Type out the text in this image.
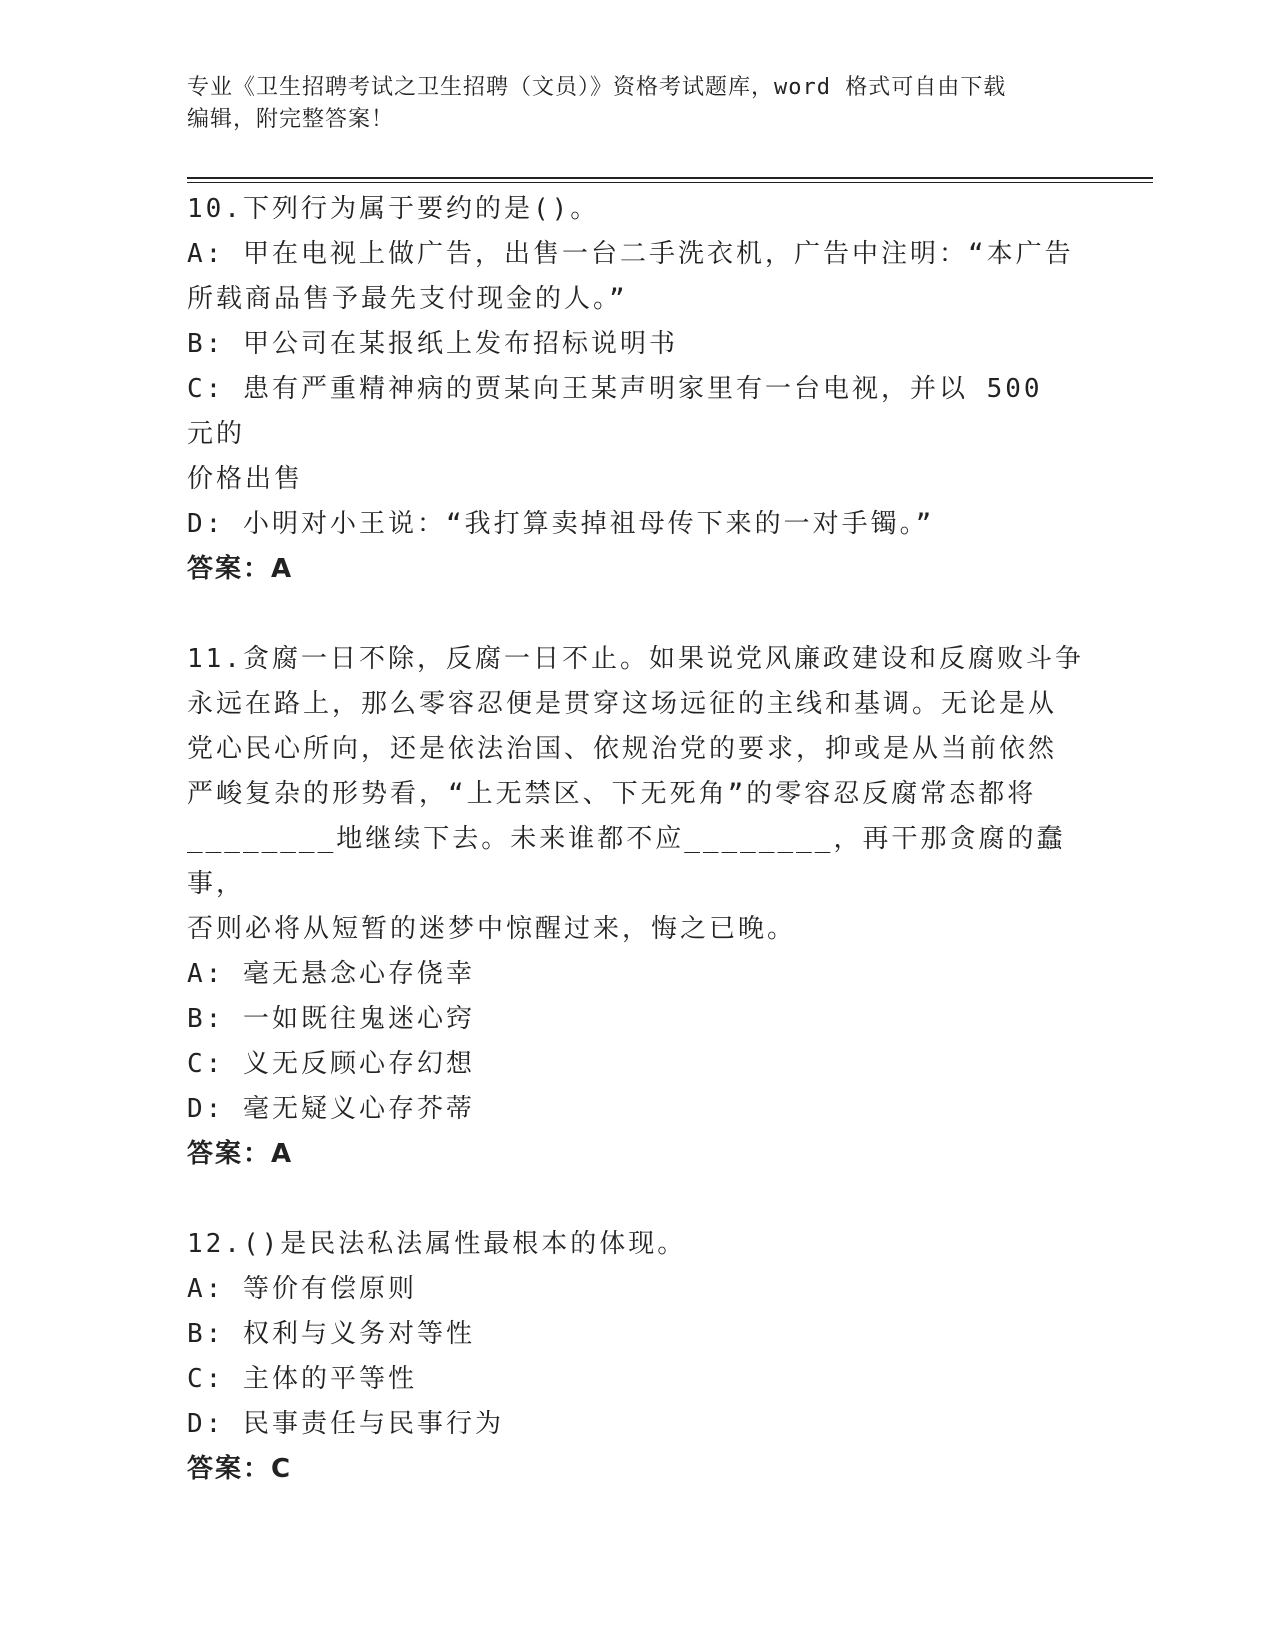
专业《卫生招聘考试之卫生招聘（文员）》资格考试题库，word 格式可自由下载
编辑，附完整答案！
10.下列行为属于要约的是()。
A: 甲在电视上做广告，出售一台二手洗衣机，广告中注明：“本广告
所载商品售予最先支付现金的人。”
B: 甲公司在某报纸上发布招标说明书
C: 患有严重精神病的贾某向王某声明家里有一台电视，并以 500 元的
价格出售
D: 小明对小王说：“我打算卖掉祖母传下来的一对手镯。”
答案：A
11.贪腐一日不除，反腐一日不止。如果说党风廉政建设和反腐败斗争
永远在路上，那么零容忍便是贯穿这场远征的主线和基调。无论是从
党心民心所向，还是依法治国、依规治党的要求，抑或是从当前依然
严峻复杂的形势看，“上无禁区、下无死角”的零容忍反腐常态都将
________地继续下去。未来谁都不应________，再干那贪腐的蠢事，
否则必将从短暂的迷梦中惊醒过来，悔之已晚。
A: 毫无悬念心存侥幸
B: 一如既往鬼迷心窍
C: 义无反顾心存幻想
D: 毫无疑义心存芥蒂
答案：A
12.()是民法私法属性最根本的体现。
A: 等价有偿原则
B: 权利与义务对等性
C: 主体的平等性
D: 民事责任与民事行为
答案：C
